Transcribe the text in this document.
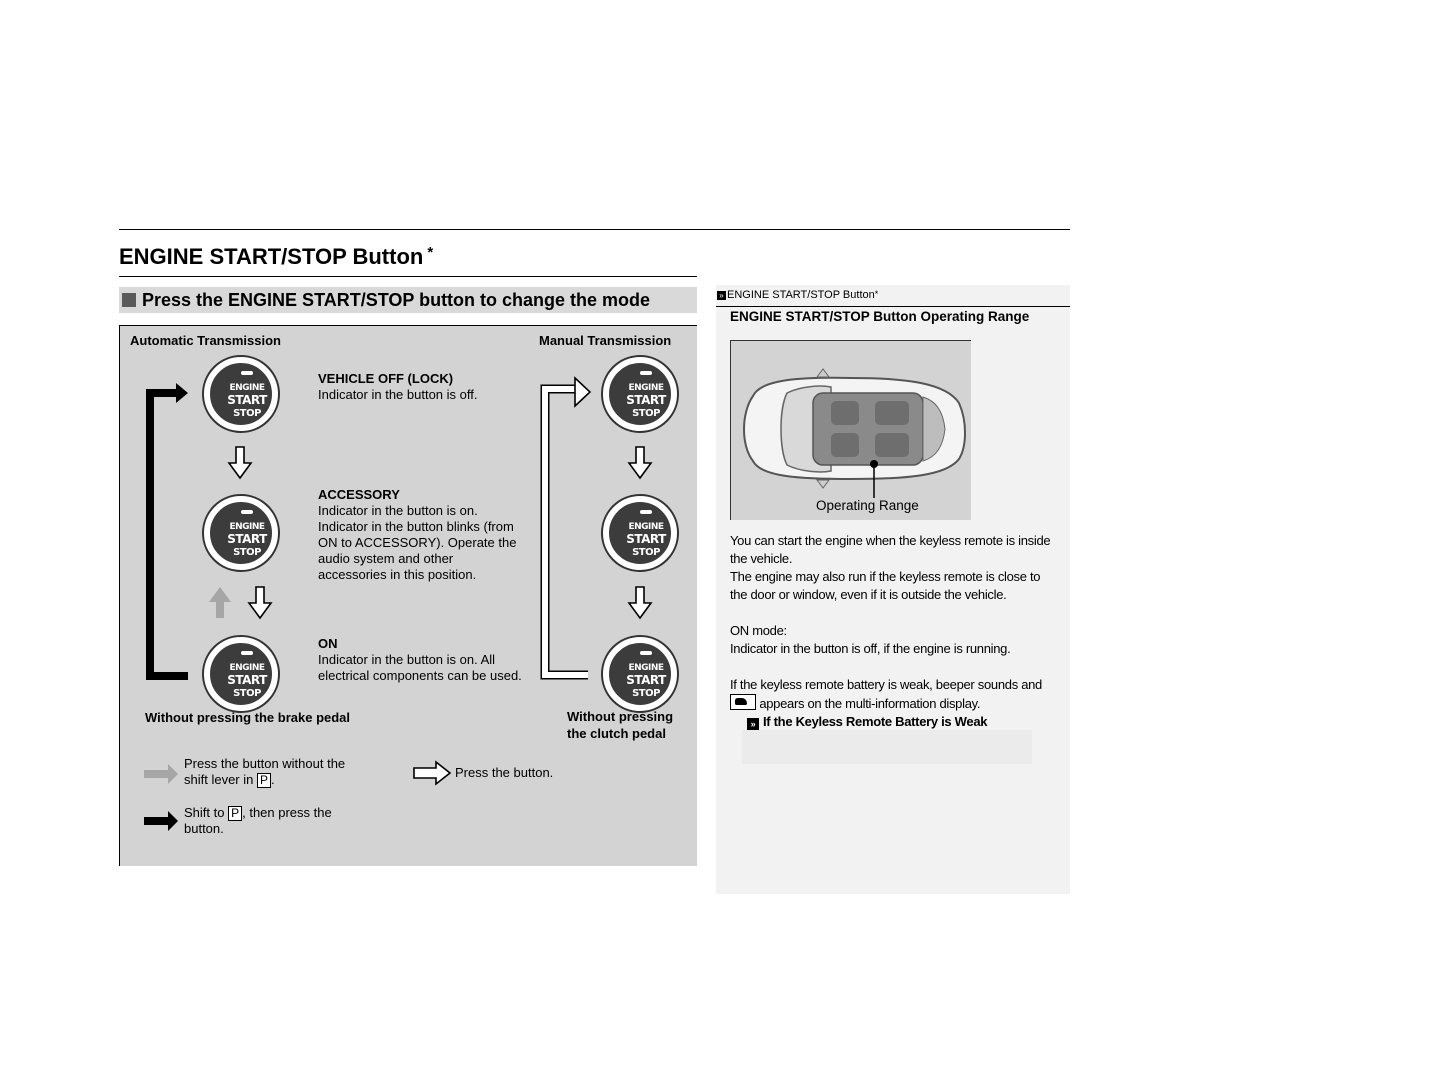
ENGINE START/STOP Button *
Press the ENGINE START/STOP button to change the mode
Automatic Transmission	Manual Transmission
ENGINE
START
STOP
ENGINE
START
STOP
ENGINE
START
STOP
ENGINE
START
STOP
ENGINE
START
STOP
ENGINE
START
STOP
VEHICLE OFF (LOCK)
Indicator in the button is off.
ACCESSORY
Indicator in the button is on. Indicator in the button blinks (from ON to ACCESSORY). Operate the audio system and other accessories in this position.
ON
Indicator in the button is on. All electrical components can be used.
Without pressing the brake pedal	Without pressing
the clutch pedal
Press the button without the
shift lever in P .
Shift to P , then press the
button.
Press the button.
» ENGINE START/STOP Button*
ENGINE START/STOP Button Operating Range
Operating Range

You can start the engine when the keyless remote is inside the vehicle.

The engine may also run if the keyless remote is close to the door or window, even if it is outside the vehicle.

ON mode:

Indicator in the button is off, if the engine is running.

If the keyless remote battery is weak, beeper sounds and  appears on the multi-information display.

» If the Keyless Remote Battery is Weak
